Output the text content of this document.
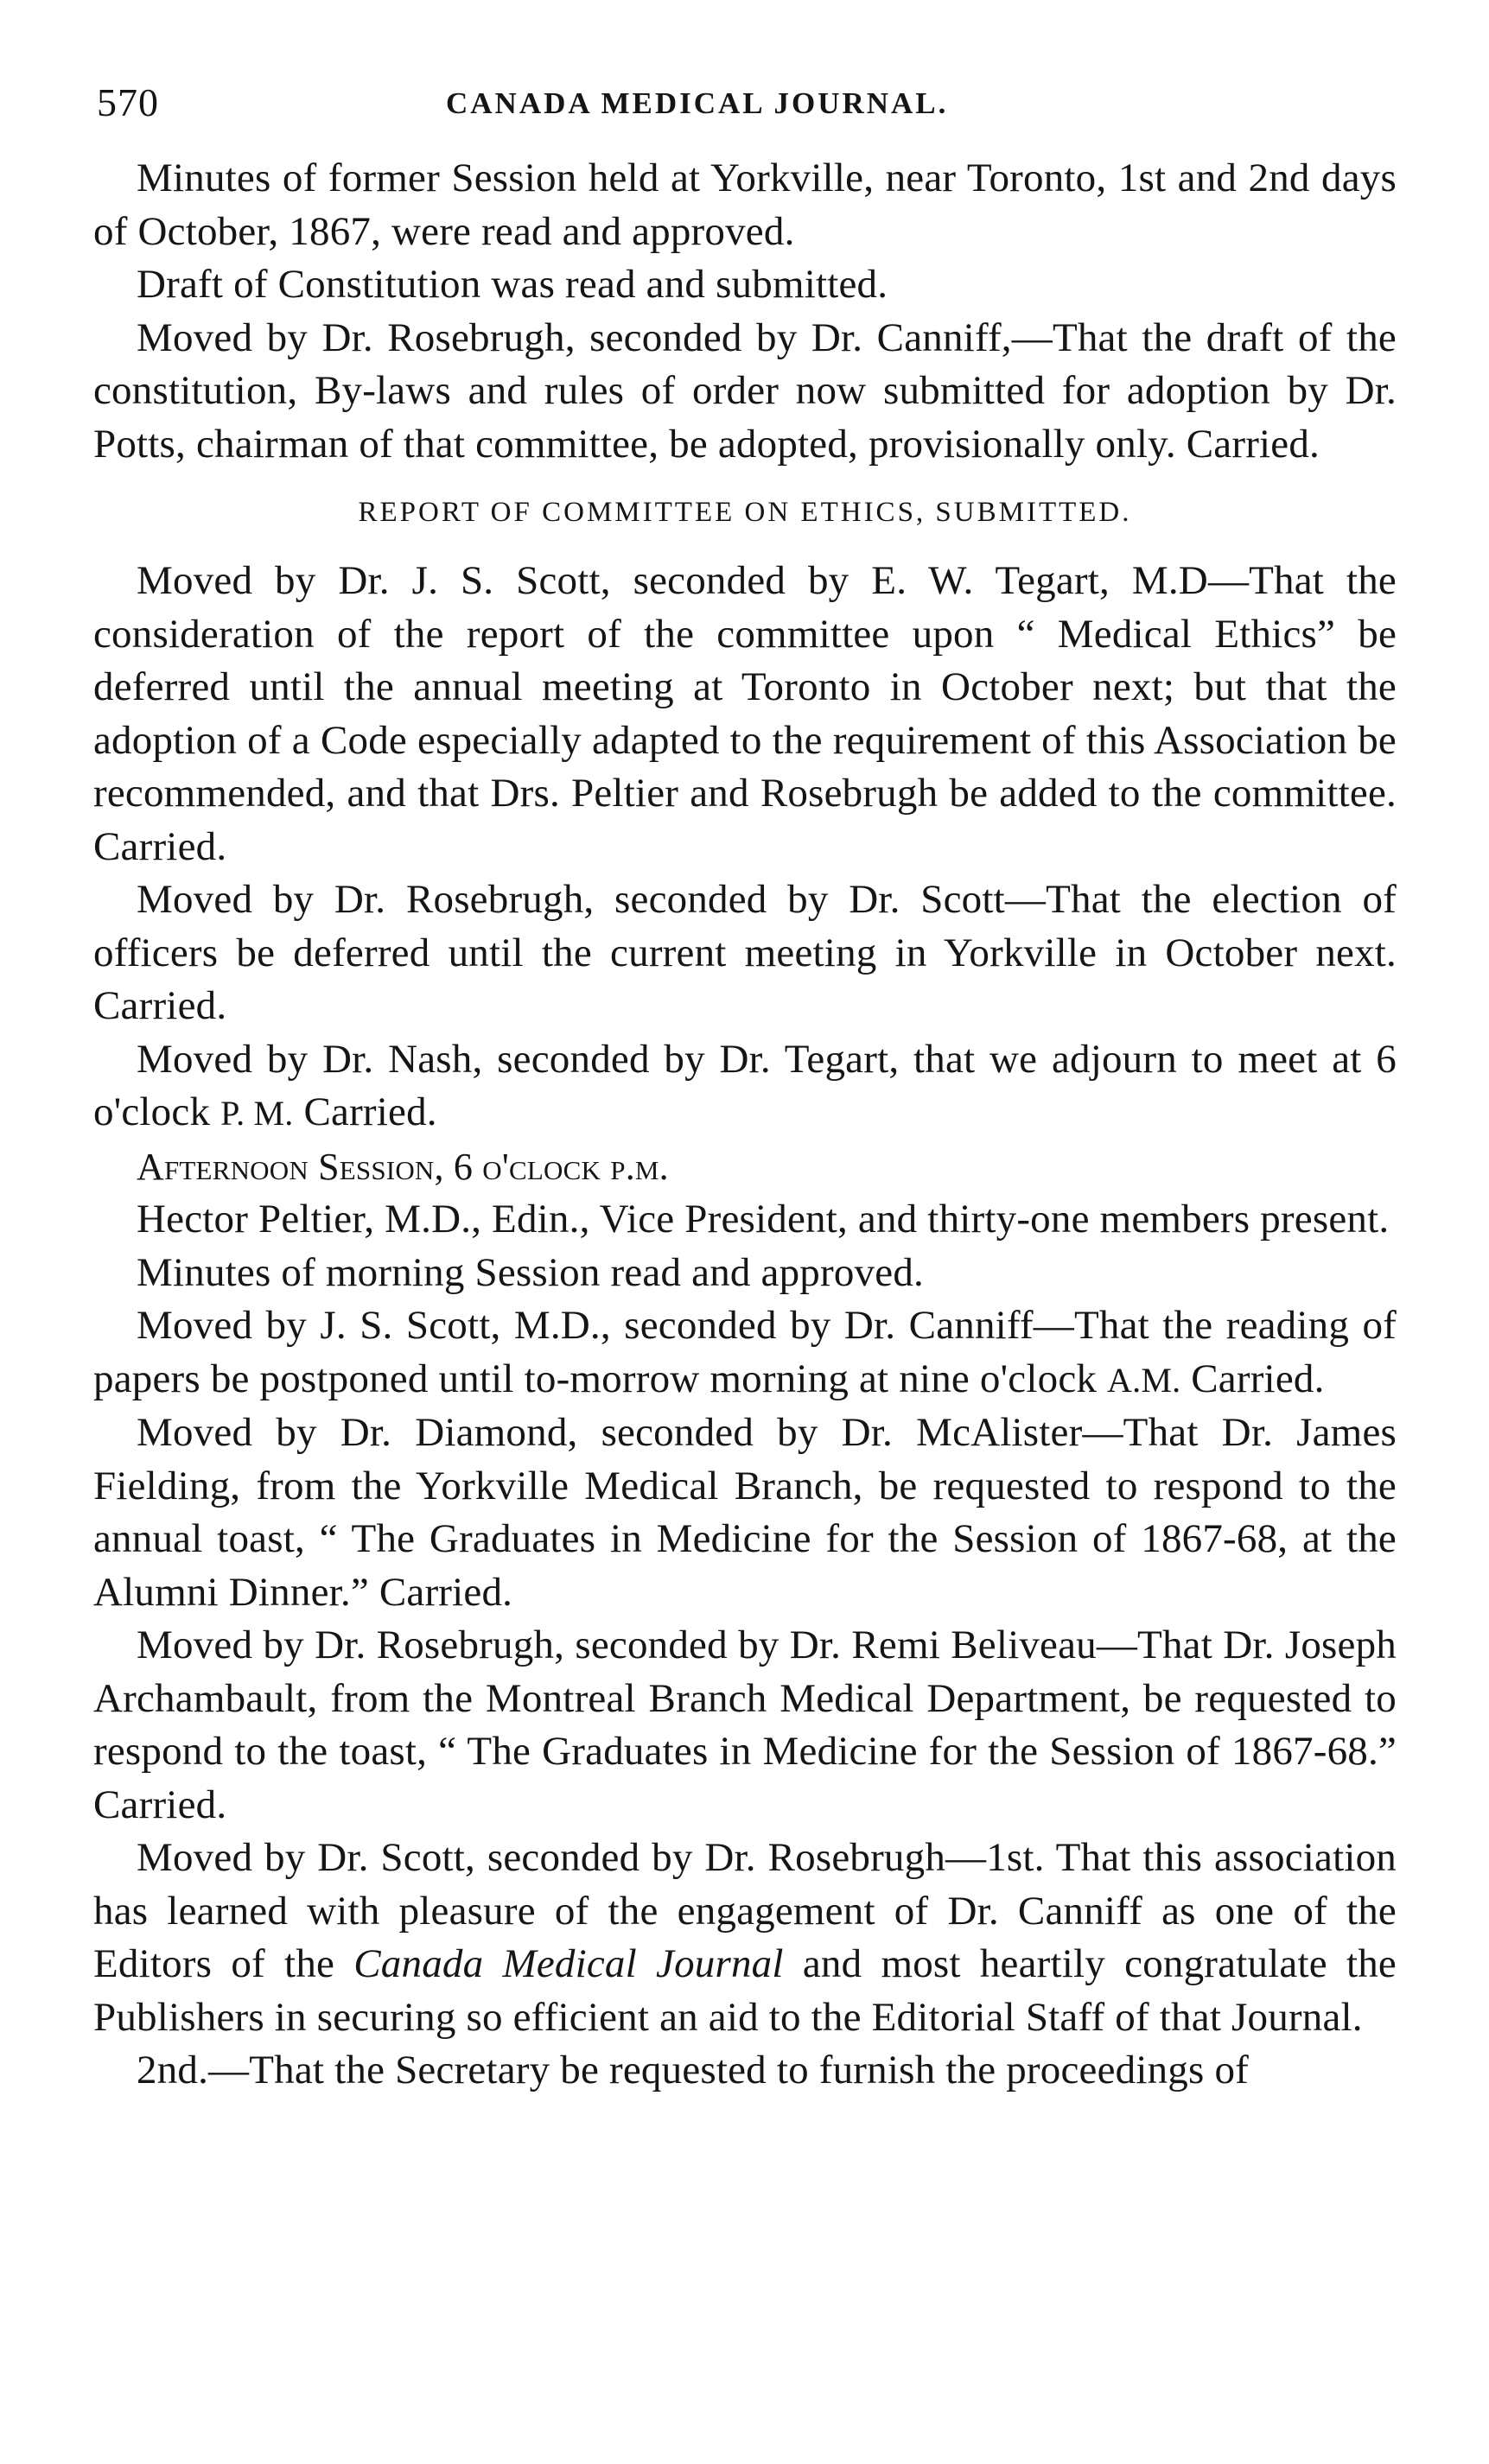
570	CANADA MEDICAL JOURNAL.

Minutes of former Session held at Yorkville, near Toronto, 1st and 2nd days of October, 1867, were read and approved.

Draft of Constitution was read and submitted.

Moved by Dr. Rosebrugh, seconded by Dr. Canniff,—That the draft of the constitution, By-laws and rules of order now submitted for adoption by Dr. Potts, chairman of that committee, be adopted, provisionally only. Carried.

REPORT OF COMMITTEE ON ETHICS, SUBMITTED.

Moved by Dr. J. S. Scott, seconded by E. W. Tegart, M.D—That the consideration of the report of the committee upon “ Medical Ethics” be deferred until the annual meeting at Toronto in October next; but that the adoption of a Code especially adapted to the requirement of this Association be recommended, and that Drs. Peltier and Rosebrugh be added to the committee. Carried.

Moved by Dr. Rosebrugh, seconded by Dr. Scott—That the election of officers be deferred until the current meeting in Yorkville in October next. Carried.

Moved by Dr. Nash, seconded by Dr. Tegart, that we adjourn to meet at 6 o'clock P. M. Carried.

Afternoon Session, 6 o'clock p.m.

Hector Peltier, M.D., Edin., Vice President, and thirty-one members present.

Minutes of morning Session read and approved.

Moved by J. S. Scott, M.D., seconded by Dr. Canniff—That the reading of papers be postponed until to-morrow morning at nine o'clock A.M. Carried.

Moved by Dr. Diamond, seconded by Dr. McAlister—That Dr. James Fielding, from the Yorkville Medical Branch, be requested to respond to the annual toast, “ The Graduates in Medicine for the Session of 1867-68, at the Alumni Dinner.” Carried.

Moved by Dr. Rosebrugh, seconded by Dr. Remi Beliveau—That Dr. Joseph Archambault, from the Montreal Branch Medical Department, be requested to respond to the toast, “ The Graduates in Medicine for the Session of 1867-68.” Carried.

Moved by Dr. Scott, seconded by Dr. Rosebrugh—1st. That this association has learned with pleasure of the engagement of Dr. Canniff as one of the Editors of the Canada Medical Journal and most heartily congratulate the Publishers in securing so efficient an aid to the Editorial Staff of that Journal.

2nd.—That the Secretary be requested to furnish the proceedings of
